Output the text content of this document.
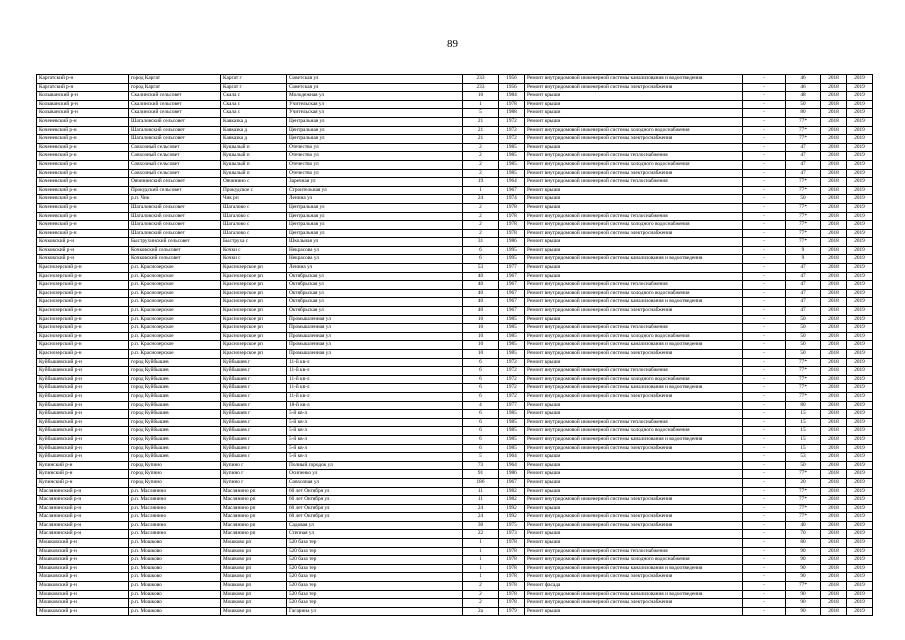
89
Каргатский р-н	город Каргат	Каргат г	Советская ул	233	1956	Ремонт внутридомовой инженерной системы канализования и водоотведения	-	46	2018	2019
Каргатский р-н	город Каргат	Каргат г	Советская ул	233	1956	Ремонт внутридомовой инженерной системы электроснабжения	-	46	2018	2019
Колыванский р-н	Скалинский сельсовет	Скала с	Молодежная ул	10	1984	Ремонт крыши	-	48	2018	2019
Колыванский р-н	Скалинский сельсовет	Скала с	Учительская ул	1	1978	Ремонт крыши	-	50	2018	2019
Колыванский р-н	Скалинский сельсовет	Скала с	Учительская ул	5	1988	Ремонт крыши	-	80	2018	2019
Коченевский р-н	Шагаловский сельсовет	Кавказка д	Центральная ул	21	1972	Ремонт крыши	-	77*	2018	2019
Коченевский р-н	Шагаловский сельсовет	Кавказка д	Центральная ул	21	1972	Ремонт внутридомовой инженерной системы холодного водоснабжения	-	77*	2018	2019
Коченевский р-н	Шагаловский сельсовет	Кавказка д	Центральная ул	21	1972	Ремонт внутридомовой инженерной системы электроснабжения	-	77*	2018	2019
Коченевский р-н	Совхозный сельсовет	Кушылый п	Отечество ул	2	1985	Ремонт крыши	-	47	2018	2019
Коченевский р-н	Совхозный сельсовет	Кушылый п	Отечество ул	2	1985	Ремонт внутридомовой инженерной системы теплоснабжения	-	47	2018	2019
Коченевский р-н	Совхозный сельсовет	Кушылый п	Отечество ул	2	1985	Ремонт внутридомовой инженерной системы холодного водоснабжения	-	47	2018	2019
Коченевский р-н	Совхозный сельсовет	Кушылый п	Отечество ул	2	1985	Ремонт внутридомовой инженерной системы электроснабжения	-	47	2018	2019
Коченевский р-н	Овчининский сельсовет	Овчинино с	Заречная ул	19	1964	Ремонт внутридомовой инженерной системы теплоснабжения	-	77*	2018	2019
Коченевский р-н	Прокудский сельсовет	Прокудское с	Строительная ул	1	1967	Ремонт крыши	-	77*	2018	2019
Коченевский р-н	р.п. Чик	Чик рп	Ленина ул	24	1974	Ремонт крыши	-	50	2018	2019
Коченевский р-н	Шагаловский сельсовет	Шагалово с	Центральная ул	2	1978	Ремонт крыши	-	77*	2018	2019
Коченевский р-н	Шагаловский сельсовет	Шагалово с	Центральная ул	2	1978	Ремонт внутридомовой инженерной системы теплоснабжения	-	77*	2018	2019
Коченевский р-н	Шагаловский сельсовет	Шагалово с	Центральная ул	2	1978	Ремонт внутридомовой инженерной системы холодного водоснабжения	-	77*	2018	2019
Коченевский р-н	Шагаловский сельсовет	Шагалово с	Центральная ул	2	1978	Ремонт внутридомовой инженерной системы электроснабжения	-	77*	2018	2019
Кочковский р-н	Быструхинский сельсовет	Быструха с	Школьная ул	31	1986	Ремонт крыши	-	77*	2018	2019
Кочковский р-н	Кочковский сельсовет	Кочки с	Некрасова ул	6	1995	Ремонт крыши	-	9	2018	2019
Кочковский р-н	Кочковский сельсовет	Кочки с	Некрасова ул	6	1995	Ремонт внутридомовой инженерной системы канализования и водоотведения	-	9	2018	2019
Краснозерский р-н	р.п. Краснозерское	Краснозерское рп	Ленина ул	53	1977	Ремонт крыши	-	47	2018	2019
Краснозерский р-н	р.п. Краснозерское	Краснозерское рп	Октябрьская ул	40	1967	Ремонт крыши	-	47	2018	2019
Краснозерский р-н	р.п. Краснозерское	Краснозерское рп	Октябрьская ул	40	1967	Ремонт внутридомовой инженерной системы теплоснабжения	-	47	2018	2019
Краснозерский р-н	р.п. Краснозерское	Краснозерское рп	Октябрьская ул	40	1967	Ремонт внутридомовой инженерной системы холодного водоснабжения	-	47	2018	2019
Краснозерский р-н	р.п. Краснозерское	Краснозерское рп	Октябрьская ул	40	1967	Ремонт внутридомовой инженерной системы канализования и водоотведения	-	47	2018	2019
Краснозерский р-н	р.п. Краснозерское	Краснозерское рп	Октябрьская ул	40	1967	Ремонт внутридомовой инженерной системы электроснабжения	-	47	2018	2019
Краснозерский р-н	р.п. Краснозерское	Краснозерское рп	Промышленная ул	10	1985	Ремонт крыши	-	50	2018	2019
Краснозерский р-н	р.п. Краснозерское	Краснозерское рп	Промышленная ул	10	1985	Ремонт внутридомовой инженерной системы теплоснабжения	-	50	2018	2019
Краснозерский р-н	р.п. Краснозерское	Краснозерское рп	Промышленная ул	10	1985	Ремонт внутридомовой инженерной системы холодного водоснабжения	-	50	2018	2019
Краснозерский р-н	р.п. Краснозерское	Краснозерское рп	Промышленная ул	10	1985	Ремонт внутридомовой инженерной системы канализования и водоотведения	-	50	2018	2019
Краснозерский р-н	р.п. Краснозерское	Краснозерское рп	Промышленная ул	10	1985	Ремонт внутридомовой инженерной системы электроснабжения	-	50	2018	2019
Куйбышевский р-н	город Куйбышев	Куйбышев г	11-й кв-л	6	1972	Ремонт крыши	-	77*	2018	2019
Куйбышевский р-н	город Куйбышев	Куйбышев г	11-й кв-л	6	1972	Ремонт внутридомовой инженерной системы теплоснабжения	-	77*	2018	2019
Куйбышевский р-н	город Куйбышев	Куйбышев г	11-й кв-л	6	1972	Ремонт внутридомовой инженерной системы холодного водоснабжения	-	77*	2018	2019
Куйбышевский р-н	город Куйбышев	Куйбышев г	11-й кв-л	6	1972	Ремонт внутридомовой инженерной системы канализования и водоотведения	-	77*	2018	2019
Куйбышевский р-н	город Куйбышев	Куйбышев г	11-й кв-л	6	1972	Ремонт внутридомовой инженерной системы электроснабжения	-	77*	2018	2019
Куйбышевский р-н	город Куйбышев	Куйбышев г	18-й кв-л	4	1977	Ремонт крыши	-	80	2018	2019
Куйбышевский р-н	город Куйбышев	Куйбышев г	5-й кв-л	6	1985	Ремонт крыши	-	15	2018	2019
Куйбышевский р-н	город Куйбышев	Куйбышев г	5-й кв-л	6	1985	Ремонт внутридомовой инженерной системы теплоснабжения	-	15	2018	2019
Куйбышевский р-н	город Куйбышев	Куйбышев г	5-й кв-л	6	1985	Ремонт внутридомовой инженерной системы холодного водоснабжения	-	15	2018	2019
Куйбышевский р-н	город Куйбышев	Куйбышев г	5-й кв-л	6	1985	Ремонт внутридомовой инженерной системы канализования и водоотведения	-	15	2018	2019
Куйбышевский р-н	город Куйбышев	Куйбышев г	5-й кв-л	6	1985	Ремонт внутридомовой инженерной системы электроснабжения	-	15	2018	2019
Куйбышевский р-н	город Куйбышев	Куйбышев г	5-й кв-л	5	1964	Ремонт крыши	-	53	2018	2019
Купинский р-н	город Купино	Купино г	Полный городок ул	73	1964	Ремонт крыши	-	50	2018	2019
Купинский р-н	город Купино	Купино г	Осипенко ул	91	1986	Ремонт крыши	-	77*	2018	2019
Купинский р-н	город Купино	Купино г	Совхозная ул	186	1967	Ремонт крыши	-	20	2018	2019
Маслянинский р-н	р.п. Маслянино	Маслянино рп	60 лет Октября ул	11	1982	Ремонт крыши	-	77*	2018	2019
Маслянинский р-н	р.п. Маслянино	Маслянино рп	60 лет Октября ул	11	1982	Ремонт внутридомовой инженерной системы электроснабжения	-	77*	2018	2019
Маслянинский р-н	р.п. Маслянино	Маслянино рп	60 лет Октября ул	24	1992	Ремонт крыши	-	77*	2018	2019
Маслянинский р-н	р.п. Маслянино	Маслянино рп	60 лет Октября ул	24	1992	Ремонт внутридомовой инженерной системы электроснабжения	-	77*	2018	2019
Маслянинский р-н	р.п. Маслянино	Маслянино рп	Садовая ул	30	1975	Ремонт внутридомовой инженерной системы электроснабжения	-	40	2018	2019
Маслянинский р-н	р.п. Маслянино	Маслянино рп	Степная ул	22	1973	Ремонт крыши	-	70	2018	2019
Мошковский р-н	р.п. Мошково	Мошково рп	520 база тер	1	1978	Ремонт крыши	-	80	2018	2019
Мошковский р-н	р.п. Мошково	Мошково рп	520 база тер	1	1978	Ремонт внутридомовой инженерной системы теплоснабжения	-	90	2018	2019
Мошковский р-н	р.п. Мошково	Мошково рп	520 база тер	1	1978	Ремонт внутридомовой инженерной системы холодного водоснабжения	-	90	2018	2019
Мошковский р-н	р.п. Мошково	Мошково рп	520 база тер	1	1978	Ремонт внутридомовой инженерной системы канализования и водоотведения	-	90	2018	2019
Мошковский р-н	р.п. Мошково	Мошково рп	520 база тер	1	1978	Ремонт внутридомовой инженерной системы электроснабжения	-	90	2018	2019
Мошковский р-н	р.п. Мошково	Мошково рп	520 база тер	2	1978	Ремонт фасада	-	77*	2018	2019
Мошковский р-н	р.п. Мошково	Мошково рп	520 база тер	2	1978	Ремонт внутридомовой инженерной системы канализования и водоотведения	-	90	2018	2019
Мошковский р-н	р.п. Мошково	Мошково рп	520 база тер	2	1978	Ремонт внутридомовой инженерной системы электроснабжения	-	90	2018	2019
Мошковский р-н	р.п. Мошково	Мошково рп	Гагарина ул	2а	1979	Ремонт крыши	-	90	2018	2019
